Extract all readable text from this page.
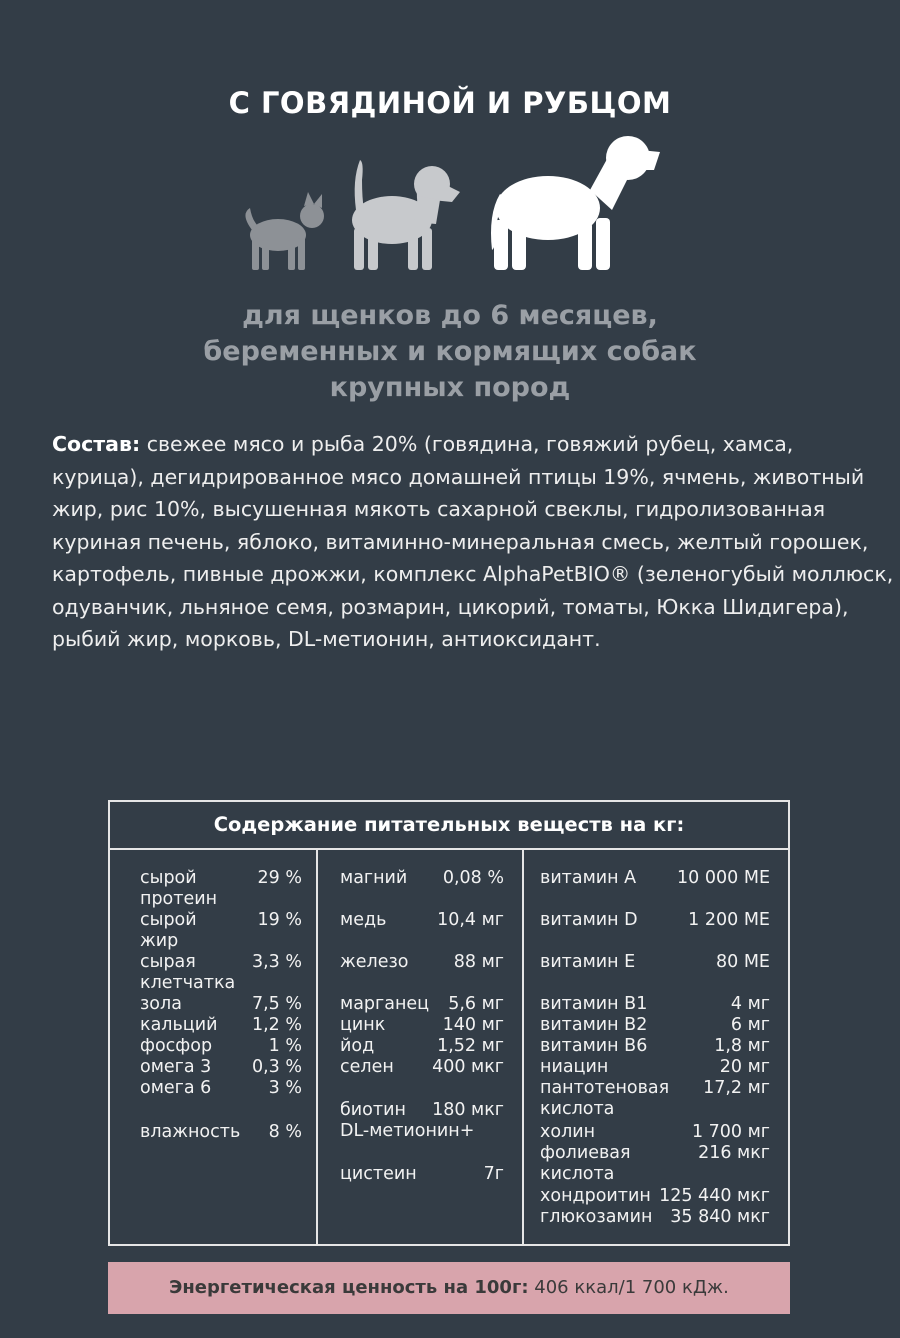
С ГОВЯДИНОЙ И РУБЦОМ
для щенков до 6 месяцев,
беременных и кормящих собак
крупных пород
Состав: свежее мясо и рыба 20% (говядина, говяжий рубец, хамса,
курица), дегидрированное мясо домашней птицы 19%, ячмень, животный
жир, рис 10%, высушенная мякоть сахарной свеклы, гидролизованная
куриная печень, яблоко, витаминно-минеральная смесь, желтый горошек,
картофель, пивные дрожжи, комплекс AlphaPetBIO® (зеленогубый моллюск,
одуванчик, льняное семя, розмарин, цикорий, томаты, Юкка Шидигера),
рыбий жир, морковь, DL-метионин, антиоксидант.
Содержание питательных веществ на кг:
сырой протеин
29 %
сырой жир
19 %
сырая клетчатка
3,3 %
зола	7,5 %
кальций 1,2 %
фосфор	1 %
омега 3 0,3 %
омега 6	3 %
влажность 8 %
магний 0,08 %
медь	10,4 мг
железо	88 мг
марганец 5,6 мг
цинк	140 мг
йод	1,52 мг
селен 400 мкг
биотин 180 мкг
DL-метионин+
цистеин	7г
витамин А 10 000 МЕ
витамин D	1 200 МЕ
витамин Е	80 МЕ
витамин В1	4 мг
витамин В2	6 мг
витамин В6	1,8 мг
ниацин	20 мг
пантотеновая кислота
17,2 мг
холин	1 700 мг
фолиевая кислота
216 мкг
хондроитин 125 440 мкг
глюкозамин 35 840 мкг
Энергетическая ценность на 100г: 406 ккал/1 700 кДж.
